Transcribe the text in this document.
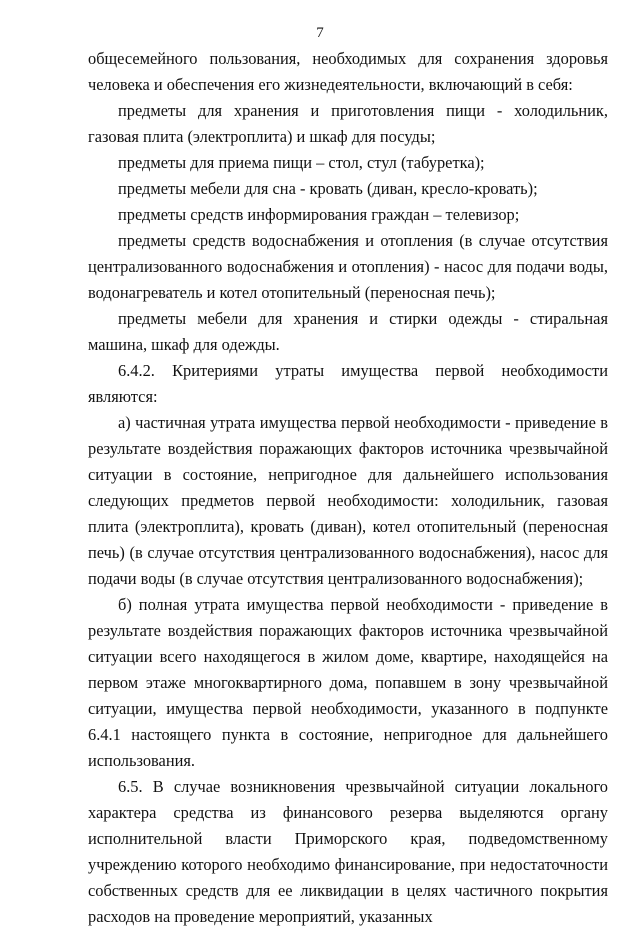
7

общесемейного пользования, необходимых для сохранения здоровья человека и обеспечения его жизнедеятельности, включающий в себя:

предметы для хранения и приготовления пищи - холодильник, газовая плита (электроплита) и шкаф для посуды;

предметы для приема пищи – стол, стул (табуретка);

предметы мебели для сна - кровать (диван, кресло-кровать);

предметы средств информирования граждан – телевизор;

предметы средств водоснабжения и отопления (в случае отсутствия централизованного водоснабжения и отопления) - насос для подачи воды, водонагреватель и котел отопительный (переносная печь);

предметы мебели для хранения и стирки одежды - стиральная машина, шкаф для одежды.

6.4.2. Критериями утраты имущества первой необходимости являются:

а) частичная утрата имущества первой необходимости - приведение в результате воздействия поражающих факторов источника чрезвычайной ситуации в состояние, непригодное для дальнейшего использования следующих предметов первой необходимости: холодильник, газовая плита (электроплита), кровать (диван), котел отопительный (переносная печь) (в случае отсутствия централизованного водоснабжения), насос для подачи воды (в случае отсутствия централизованного водоснабжения);

б) полная утрата имущества первой необходимости - приведение в результате воздействия поражающих факторов источника чрезвычайной ситуации всего находящегося в жилом доме, квартире, находящейся на первом этаже многоквартирного дома, попавшем в зону чрезвычайной ситуации, имущества первой необходимости, указанного в подпункте 6.4.1 настоящего пункта в состояние, непригодное для дальнейшего использования.

6.5. В случае возникновения чрезвычайной ситуации локального характера средства из финансового резерва выделяются органу исполнительной власти Приморского края, подведомственному учреждению которого необходимо финансирование, при недостаточности собственных средств для ее ликвидации в целях частичного покрытия расходов на проведение мероприятий, указанных
